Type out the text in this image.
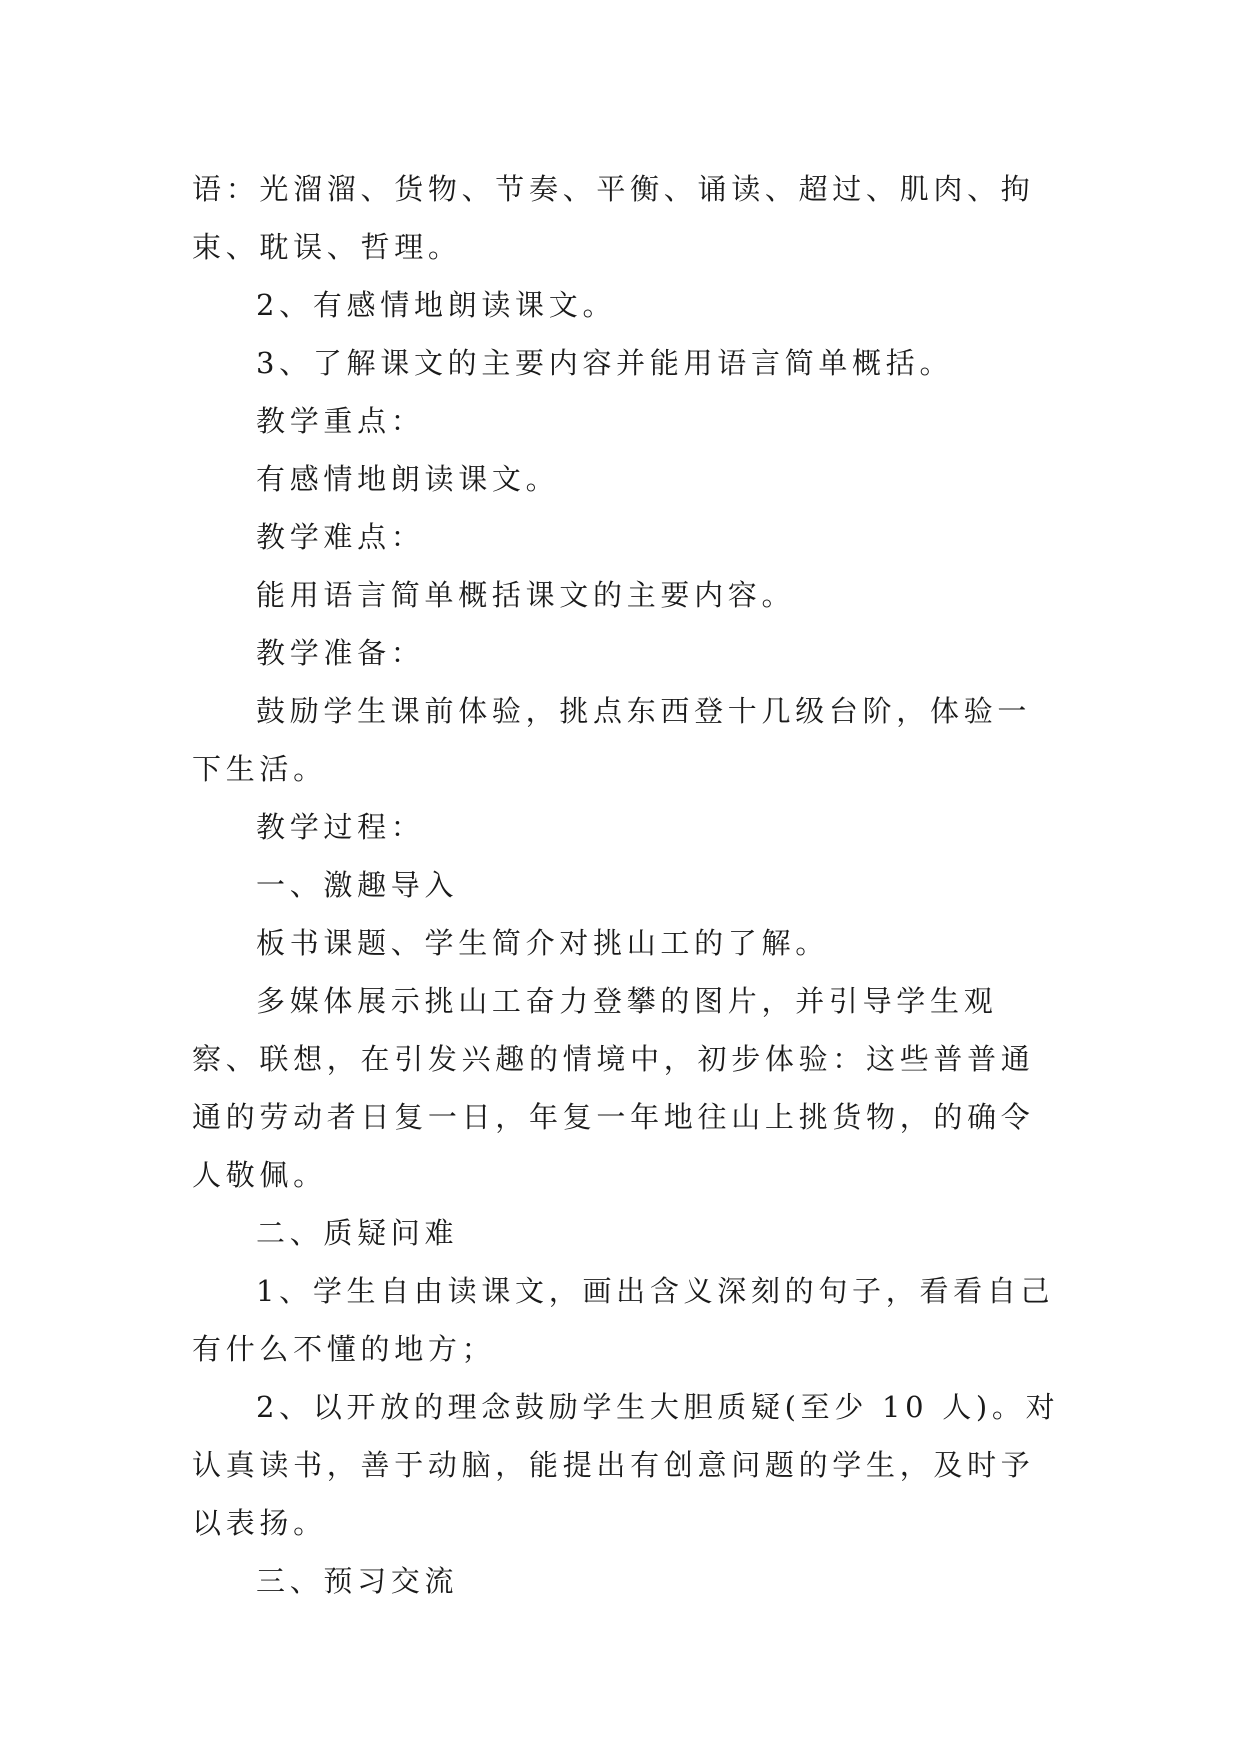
语：光溜溜、货物、节奏、平衡、诵读、超过、肌肉、拘束、耽误、哲理。

2、有感情地朗读课文。

3、了解课文的主要内容并能用语言简单概括。

教学重点：

有感情地朗读课文。

教学难点：

能用语言简单概括课文的主要内容。

教学准备：

鼓励学生课前体验，挑点东西登十几级台阶，体验一下生活。

教学过程：

一、激趣导入

板书课题、学生简介对挑山工的了解。

多媒体展示挑山工奋力登攀的图片，并引导学生观察、联想，在引发兴趣的情境中，初步体验：这些普普通通的劳动者日复一日，年复一年地往山上挑货物，的确令人敬佩。

二、质疑问难

1、学生自由读课文，画出含义深刻的句子，看看自己有什么不懂的地方；

2、以开放的理念鼓励学生大胆质疑(至少 10 人)。对认真读书，善于动脑，能提出有创意问题的学生，及时予以表扬。

三、预习交流
